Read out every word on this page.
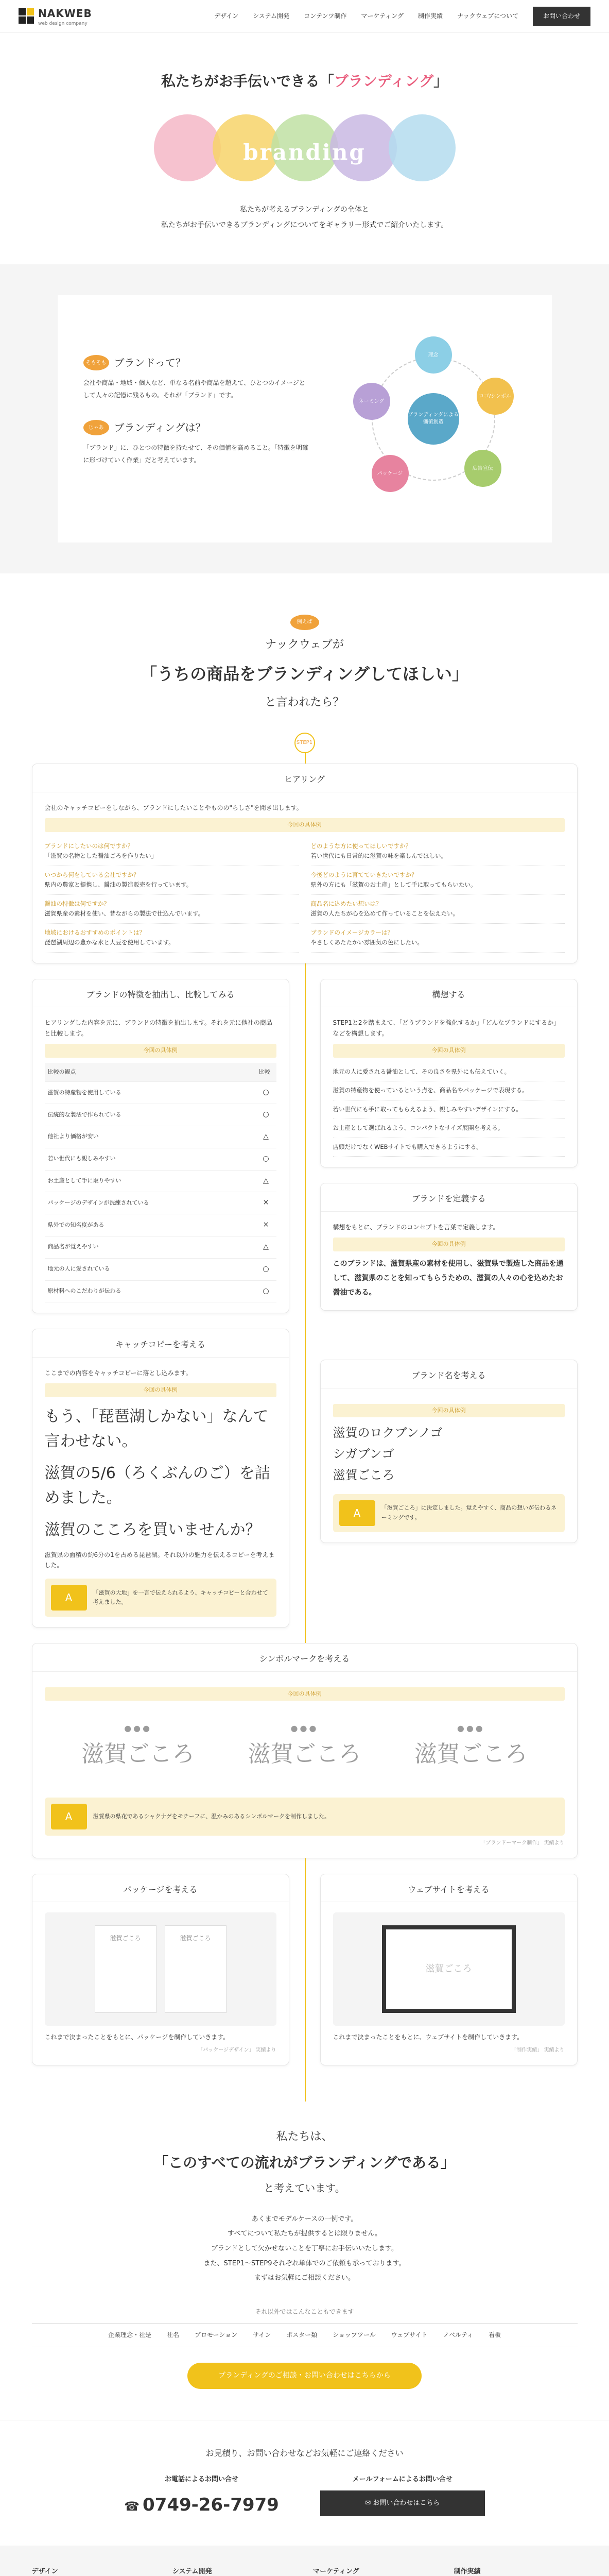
NAKWEB
web design company
デザイン システム開発 コンテンツ制作 マーケティング 制作実績 ナックウェブについて	お問い合わせ
私たちがお手伝いできる「ブランディング」
branding

私たちが考えるブランディングの全体と

私たちがお手伝いできるブランディングについてをギャラリー形式でご紹介いたします。

そもそも ブランドって？

会社や商品・地域・個人など、単なる名前や商品を超えて、ひとつのイメージとして人々の記憶に残るもの。それが「ブランド」です。

じゃあ	ブランディングは？

「ブランド」に、ひとつの特徴を持たせて、その価値を高めること。「特徴を明確に形づけていく作業」だと考えています。

ブランディングによる価値創造
理念
ロゴ/シンボル
広告宣伝
パッケージ
ネーミング
例えば
ナックウェブが
「うちの商品をブランディングしてほしい」
と言われたら？
STEP1
ヒアリング

会社のキャッチコピーをしながら、ブランドにしたいことやものの"らしさ"を聞き出します。

今回の具体例
ブランドにしたいのは何ですか？
「滋賀の名物とした醤油ごろを作りたい」
いつから何をしている会社ですか？
県内の農家と提携し、醤油の製造販売を行っています。
醤油の特徴は何ですか？
滋賀県産の素材を使い、昔ながらの製法で仕込んでいます。
地域におけるおすすめのポイントは？
琵琶湖周辺の豊かな水と大豆を使用しています。
どのような方に使ってほしいですか？
若い世代にも日常的に滋賀の味を楽しんでほしい。
今後どのように育てていきたいですか？
県外の方にも「滋賀のお土産」として手に取ってもらいたい。
商品名に込めたい想いは？
滋賀の人たちが心を込めて作っていることを伝えたい。
ブランドのイメージカラーは？
やさしくあたたかい雰囲気の色にしたい。
ブランドの特徴を抽出し、比較してみる

ヒアリングした内容を元に、ブランドの特徴を抽出します。それを元に他社の商品と比較します。

今回の具体例
比較の観点	比較
滋賀の特産物を使用している	○
伝統的な製法で作られている	○
他社より価格が安い	△
若い世代にも親しみやすい	○
お土産として手に取りやすい	△
パッケージのデザインが洗練されている	×
県外での知名度がある	×
商品名が覚えやすい	△
地元の人に愛されている	○
原材料へのこだわりが伝わる	○
構想する

STEP1と2を踏まえて、「どうブランドを強化するか」「どんなブランドにするか」などを構想します。

今回の具体例

地元の人に愛される醤油として、その良さを県外にも伝えていく。

滋賀の特産物を使っているという点を、商品名やパッケージで表現する。

若い世代にも手に取ってもらえるよう、親しみやすいデザインにする。

お土産として選ばれるよう、コンパクトなサイズ展開を考える。

店頭だけでなくWEBサイトでも購入できるようにする。

ブランドを定義する

構想をもとに、ブランドのコンセプトを言葉で定義します。

今回の具体例

このブランドは、滋賀県産の素材を使用し、滋賀県で製造した商品を通して、滋賀県のことを知ってもらうための、滋賀の人々の心を込めたお醤油である。

キャッチコピーを考える

ここまでの内容をキャッチコピーに落とし込みます。

今回の具体例
もう、「琵琶湖しかない」なんて言わせない。
滋賀の5/6（ろくぶんのご）を詰めました。
滋賀のこころを買いませんか？

滋賀県の面積の約6分の1を占める琵琶湖。それ以外の魅力を伝えるコピーを考えました。

A	「滋賀の大地」を一言で伝えられるよう、キャッチコピーと合わせて考えました。

ブランド名を考える
今回の具体例
滋賀のロクブンノゴ
シガブンゴ
滋賀ごころ
A	「滋賀ごころ」に決定しました。覚えやすく、商品の想いが伝わるネーミングです。

シンボルマークを考える
今回の具体例
●●●
滋賀ごころ
●●●
滋賀ごころ
●●●
滋賀ごころ
A	滋賀県の県花であるシャクナゲをモチーフに、温かみのあるシンボルマークを制作しました。

「ブランドーマーク制作」 実績より
パッケージを考える
滋賀ごころ	滋賀ごころ

これまで決まったことをもとに、パッケージを制作していきます。

「パッケージデザイン」 実績より
ウェブサイトを考える
滋賀ごころ

これまで決まったことをもとに、ウェブサイトを制作していきます。

「制作実績」 実績より
私たちは、
「このすべての流れがブランディングである」
と考えています。

あくまでモデルケースの一例です。

すべてについて私たちが提供するとは限りません。

ブランドとして欠かせないことを丁寧にお手伝いいたします。

また、STEP1〜STEP9それぞれ単体でのご依頼も承っております。

まずはお気軽にご相談ください。

それ以外ではこんなこともできます
企業理念・社是	社名	プロモーション	サイン	ポスター類	ショップツール	ウェブサイト	ノベルティ	看板
ブランディングのご相談・お問い合わせはこちらから
お見積り、お問い合わせなどお気軽にご連絡ください
お電話によるお問い合せ
☎ 0749-26-7979
メールフォームによるお問い合せ
✉ お問い合わせはこちら
デザイン	システム開発	マーケティング	制作実績
